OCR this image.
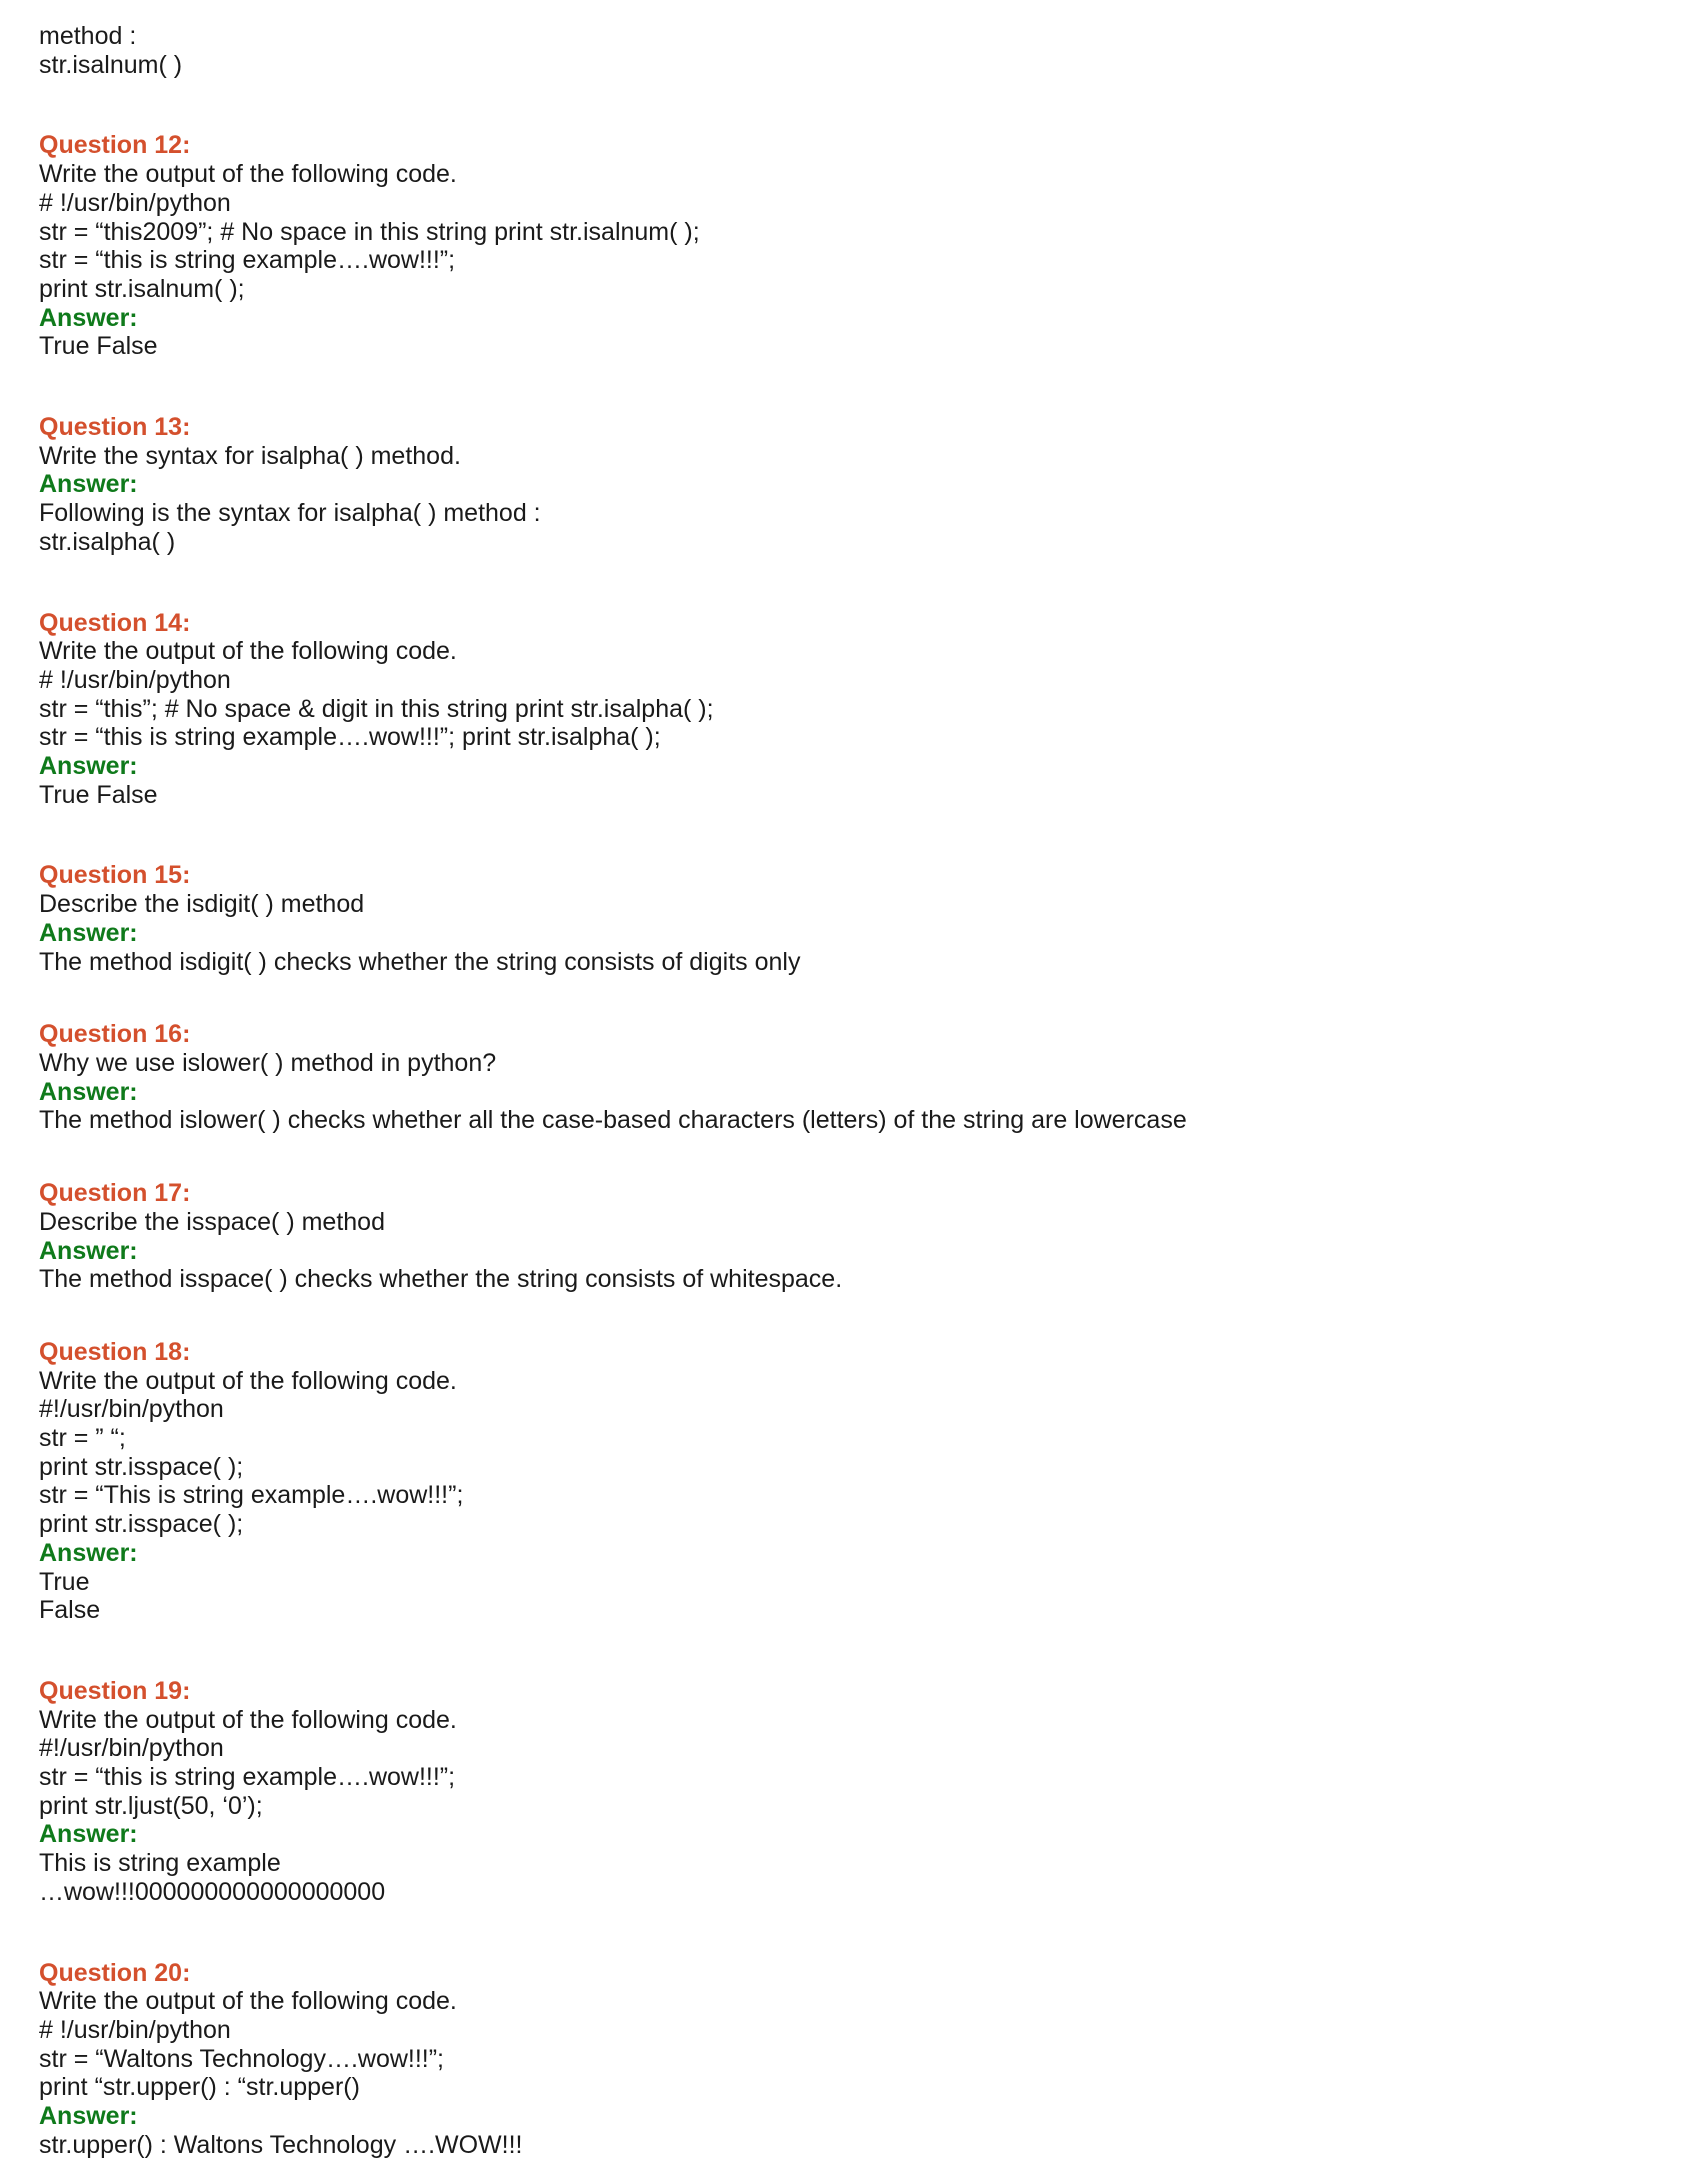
method :
str.isalnum( )
Question 12:
Write the output of the following code.
# !/usr/bin/python
str = “this2009”; # No space in this string print str.isalnum( );
str = “this is string example….wow!!!”;
print str.isalnum( );
Answer:
True False
Question 13:
Write the syntax for isalpha( ) method.
Answer:
Following is the syntax for isalpha( ) method :
str.isalpha( )
Question 14:
Write the output of the following code.
# !/usr/bin/python
str = “this”; # No space & digit in this string print str.isalpha( );
str = “this is string example….wow!!!”; print str.isalpha( );
Answer:
True False
Question 15:
Describe the isdigit( ) method
Answer:
The method isdigit( ) checks whether the string consists of digits only
Question 16:
Why we use islower( ) method in python?
Answer:
The method islower( ) checks whether all the case-based characters (letters) of the string are lowercase
Question 17:
Describe the isspace( ) method
Answer:
The method isspace( ) checks whether the string consists of whitespace.
Question 18:
Write the output of the following code.
#!/usr/bin/python
str = ” “;
print str.isspace( );
str = “This is string example….wow!!!”;
print str.isspace( );
Answer:
True
False
Question 19:
Write the output of the following code.
#!/usr/bin/python
str = “this is string example….wow!!!”;
print str.ljust(50, ‘0’);
Answer:
This is string example
…wow!!!000000000000000000
Question 20:
Write the output of the following code.
# !/usr/bin/python
str = “Waltons Technology….wow!!!”;
print “str.upper() : “str.upper()
Answer:
str.upper() : Waltons Technology ….WOW!!!
